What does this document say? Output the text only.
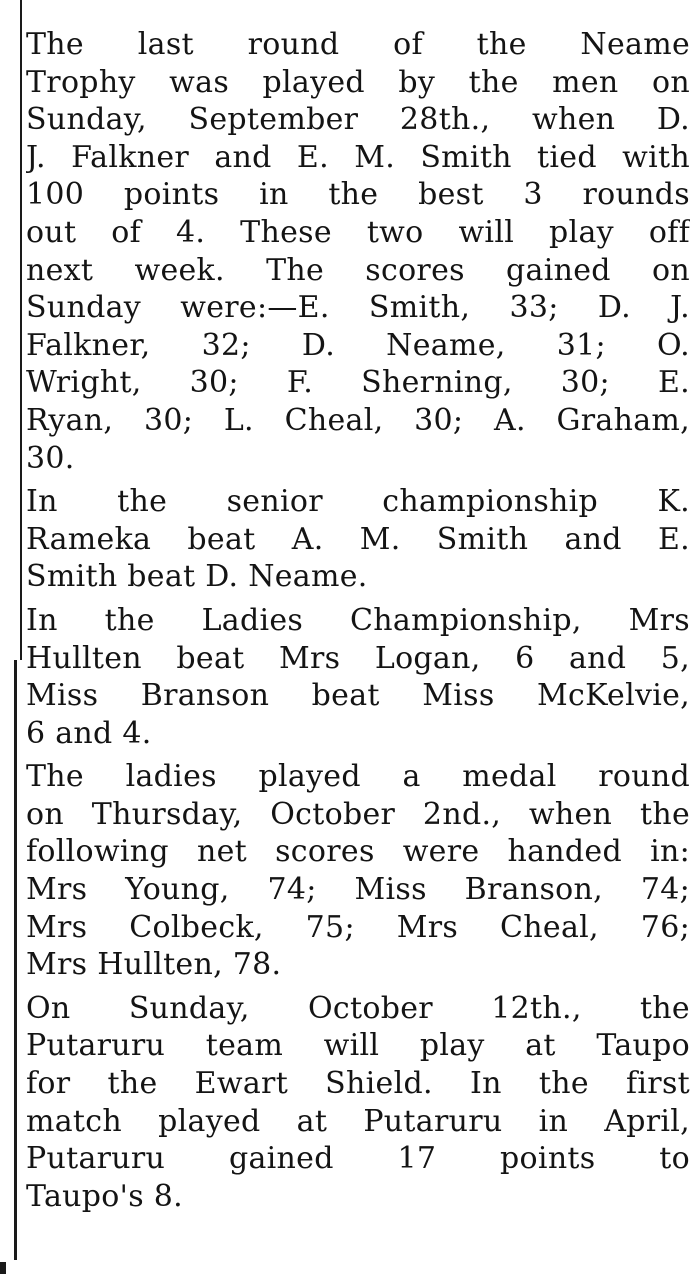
The last round of the Neame
Trophy was played by the men on
Sunday, September 28th., when D.
J. Falkner and E. M. Smith tied with
100 points in the best 3 rounds
out of 4. These two will play off
next week. The scores gained on
Sunday were:—E. Smith, 33; D. J.
Falkner, 32; D. Neame, 31; O.
Wright, 30; F. Sherning, 30; E.
Ryan, 30; L. Cheal, 30; A. Graham,
30.
In the senior championship K.
Rameka beat A. M. Smith and E.
Smith beat D. Neame.
In the Ladies Championship, Mrs
Hullten beat Mrs Logan, 6 and 5,
Miss Branson beat Miss McKelvie,
6 and 4.
The ladies played a medal round
on Thursday, October 2nd., when the
following net scores were handed in:
Mrs Young, 74; Miss Branson, 74;
Mrs Colbeck, 75; Mrs Cheal, 76;
Mrs Hullten, 78.
On Sunday, October 12th., the
Putaruru team will play at Taupo
for the Ewart Shield. In the first
match played at Putaruru in April,
Putaruru gained 17 points to
Taupo's 8.
